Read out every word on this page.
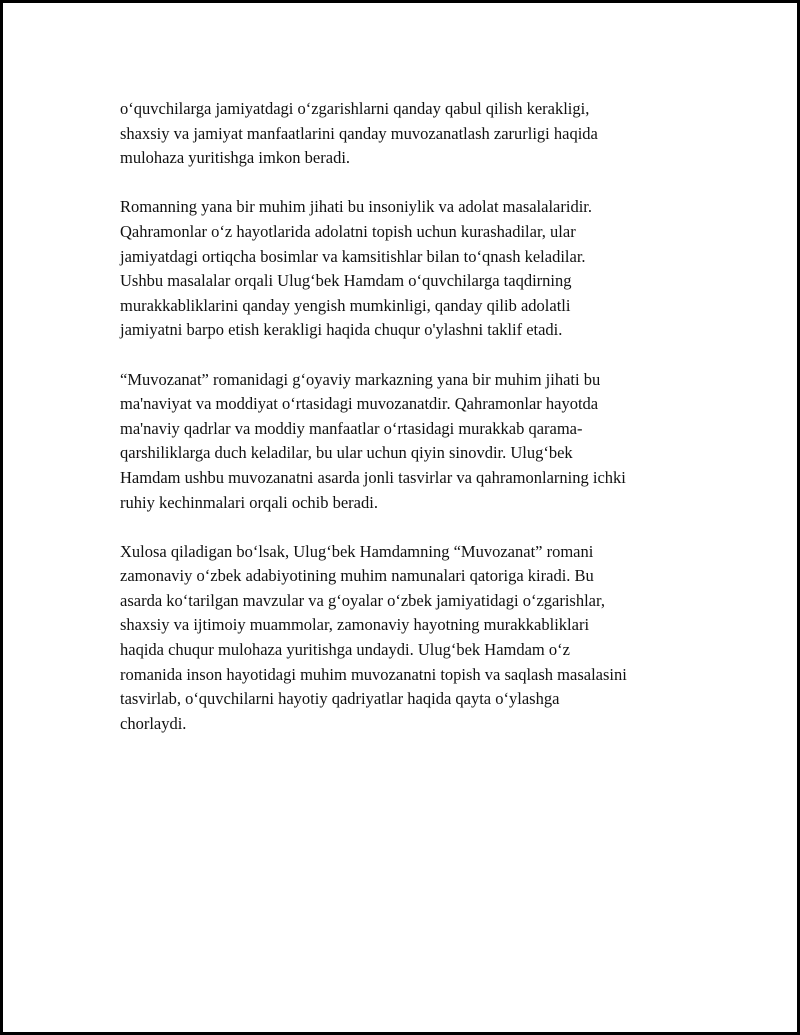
o‘quvchilarga jamiyatdagi o‘zgarishlarni qanday qabul qilish kerakligi,
shaxsiy va jamiyat manfaatlarini qanday muvozanatlash zarurligi haqida
mulohaza yuritishga imkon beradi.

Romanning yana bir muhim jihati bu insoniylik va adolat masalalaridir.
Qahramonlar o‘z hayotlarida adolatni topish uchun kurashadilar, ular
jamiyatdagi ortiqcha bosimlar va kamsitishlar bilan to‘qnash keladilar.
Ushbu masalalar orqali Ulug‘bek Hamdam o‘quvchilarga taqdirning
murakkabliklarini qanday yengish mumkinligi, qanday qilib adolatli
jamiyatni barpo etish kerakligi haqida chuqur o'ylashni taklif etadi.

“Muvozanat” romanidagi g‘oyaviy markazning yana bir muhim jihati bu
ma'naviyat va moddiyat o‘rtasidagi muvozanatdir. Qahramonlar hayotda
ma'naviy qadrlar va moddiy manfaatlar o‘rtasidagi murakkab qarama-
qarshiliklarga duch keladilar, bu ular uchun qiyin sinovdir. Ulug‘bek
Hamdam ushbu muvozanatni asarda jonli tasvirlar va qahramonlarning ichki
ruhiy kechinmalari orqali ochib beradi.

Xulosa qiladigan bo‘lsak, Ulug‘bek Hamdamning “Muvozanat” romani
zamonaviy o‘zbek adabiyotining muhim namunalari qatoriga kiradi. Bu
asarda ko‘tarilgan mavzular va g‘oyalar o‘zbek jamiyatidagi o‘zgarishlar,
shaxsiy va ijtimoiy muammolar, zamonaviy hayotning murakkabliklari
haqida chuqur mulohaza yuritishga undaydi. Ulug‘bek Hamdam o‘z
romanida inson hayotidagi muhim muvozanatni topish va saqlash masalasini
tasvirlab, o‘quvchilarni hayotiy qadriyatlar haqida qayta o‘ylashga
chorlaydi.
